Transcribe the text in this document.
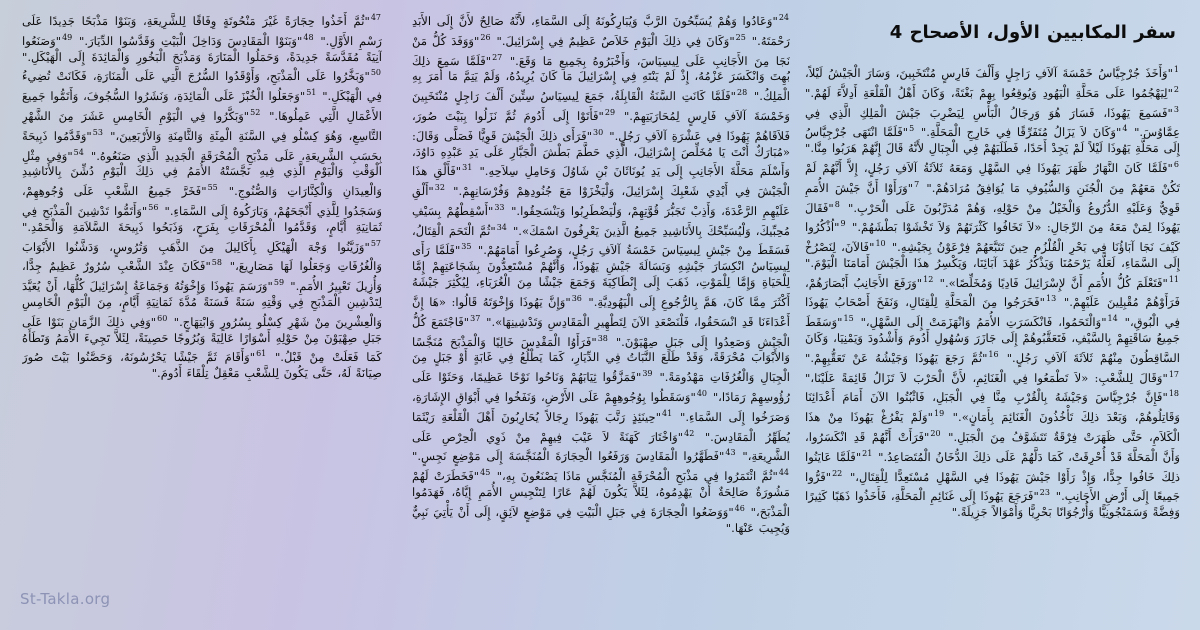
سفر المكابيين الأول، الأصحاح 4

$^1$"وَأَخَذَ جُرْجِيَّاسُ خَمْسَةَ آلاَفِ رَاجِلٍ وَأَلْفَ فَارِسٍ مُنْتَخَبِينَ، وَسَارَ الْجَيْشُ لَيْلاً، $^2$"لِيَهْجُمُوا عَلَى مَحَلَّةِ الْيَهُودِ وَيُوقِعُوا بِهِمْ بَغْتَةً، وَكَانَ أَهْلُ الْقَلْعَةِ أَدِلاَّءَ لَهُمْ." $^3$"فَسَمِعَ يَهُوذَا، فَسَارَ هُوَ وَرِجَالُ الْبَأْسِ لِيَضْرِبَ جَيْشَ الْمَلِكِ الَّذِي فِي عِمَّاوُسَ." $^4$"وَكَانَ لاَ يَزَالُ مُتَفَرِّقًا فِي خَارِجِ الْمَحَلَّةِ." $^5$"فَلَمَّا انْتَهَى جُرْجِيَّاسُ إِلَى مَحَلَّةِ يَهُوذَا لَيْلاً لَمْ يَجِدْ أَحَدًا، فَطَلَبَهُمْ فِي الْجِبَالِ لأَنَّهُ قَالَ إِنَّهُمْ هَرَبُوا مِنَّا." $^6$"فَلَمَّا كَانَ النَّهَارُ ظَهَرَ يَهُوذَا فِي السَّهْلِ وَمَعَهُ ثَلاَثَةُ آلاَفِ رَجُلٍ، إِلاَّ أَنَّهُمْ لَمْ تَكُنْ مَعَهُمْ مِنَ الْجُنَنِ وَالسُّيُوفِ مَا يُوَافِقُ مُرَادَهُمْ." $^7$"وَرَأَوْا أَنَّ جَيْشَ الأُمَمِ قَوِيٌّ وَعَلَيْهِ الدُّرُوعُ وَالْخَيْلُ مِنْ حَوْلِهِ، وَهُمْ مُدَرَّبُونَ عَلَى الْحَرْبِ." $^8$"فَقَالَ يَهُوذَا لِمَنْ مَعَهُ مِنَ الرِّجَالِ: «لاَ تَخَافُوا كَثْرَتَهُمْ وَلاَ تَخْشَوْا بَطْشَهُمْ." $^9$"اُذْكُرُوا كَيْفَ نَجَا آبَاؤُنَا فِي بَحْرِ الْقُلْزُمِ حِينَ تَتَبَّعَهُمْ فِرْعَوْنُ بِجَيْشِهِ." $^{10}$"فَالآنَ، لِنَصْرُخْ إِلَى السَّمَاءِ، لَعَلَّهُ يَرْحَمُنَا وَيَذْكُرُ عَهْدَ آبَائِنَا، وَيَكْسِرُ هذَا الْجَيْشَ أَمَامَنَا الْيَوْمَ." $^{11}$"فَتَعْلَمَ كُلُّ الأُمَمِ أَنَّ لإِسْرَائِيلَ فَادِيًا وَمُخَلِّصًا»." $^{12}$"وَرَفَعَ الأَجَانِبُ أَبْصَارَهُمْ، فَرَأَوْهُمْ مُقْبِلِينَ عَلَيْهِمْ." $^{13}$"فَخَرَجُوا مِنَ الْمَحَلَّةِ لِلْقِتَالِ، وَنَفَخَ أَصْحَابُ يَهُوذَا فِي الْبُوقِ،" $^{14}$"وَالْتَحَمُوا، فَانْكَسَرَتِ الأُمَمُ وَانْهَزَمَتْ إِلَى السَّهْلِ،" $^{15}$"وَسَقَطَ جَمِيعُ سَاقَتِهِمْ بِالسَّيْفِ، فَتَعَقَّبُوهُمْ إِلَى جَازَرَ وَسُهُولِ أَدُومَ وَأَشْدُودَ وَيَمْنِيَا، وَكَانَ السَّاقِطُونَ مِنْهُمْ ثَلاَثَةَ آلاَفِ رَجُلٍ." $^{16}$"ثُمَّ رَجَعَ يَهُوذَا وَجَيْشُهُ عَنْ تَعَقُّبِهِمْ." $^{17}$"وَقَالَ لِلشَّعْبِ: «لاَ تَطْمَعُوا فِي الْغَنَائِمِ، لأَنَّ الْحَرْبَ لاَ تَزَالُ قَائِمَةً عَلَيْنَا،" $^{18}$"فَإِنَّ جُرْجِيَّاسَ وَجَيْشَهُ بِالْقُرْبِ مِنَّا فِي الْجَبَلِ، فَاثْبُتُوا الآنَ أَمَامَ أَعْدَائِنَا وَقَاتِلُوهُمْ، وَبَعْدَ ذلِكَ تَأْخُذُونَ الْغَنَائِمَ بِأَمَانٍ»." $^{19}$"وَلَمْ يَفْرُغْ يَهُوذَا مِنْ هذَا الْكَلاَمِ، حَتَّى ظَهَرَتْ فِرْقَةٌ تَتَشَوَّفُ مِنَ الْجَبَلِ." $^{20}$"فَرَأَتْ أَنَّهُمْ قَدِ انْكَسَرُوا، وَأَنَّ الْمَحَلَّةَ قَدْ أُحْرِقَتْ، كَمَا دَلَّهُمْ عَلَى ذلِكَ الدُّخَانُ الْمُتَصَاعِدُ." $^{21}$"فَلَمَّا عَايَنُوا ذلِكَ خَافُوا جِدًّا، وَإِذْ رَأَوْا جَيْشَ يَهُوذَا فِي السَّهْلِ مُسْتَعِدًّا لِلْقِتَالِ،" $^{22}$"فَرُّوا جَمِيعًا إِلَى أَرْضِ الأَجَانِبِ." $^{23}$"فَرَجَعَ يَهُوذَا إِلَى غَنَائِمِ الْمَحَلَّةِ، فَأَخَذُوا ذَهَبًا كَثِيرًا وَفِضَّةً وَسَمَنْجُونِيًّا وَأُرْجُوَانًا بَحْرِيًّا وَأَمْوَالاً جَزِيلَةً."

$^{24}$"وَعَادُوا وَهُمْ يُسَبِّحُونَ الرَّبَّ وَيُبَارِكُونَهُ إِلَى السَّمَاءِ، لأَنَّهُ صَالِحٌ لأَنَّ إِلَى الأَبَدِ رَحْمَتَهُ." $^{25}$"وَكَانَ فِي ذلِكَ الْيَوْمِ خَلاَصٌ عَظِيمٌ فِي إِسْرَائِيلَ." $^{26}$"وَوَفَدَ كُلُّ مَنْ نَجَا مِنَ الأَجَانِبِ عَلَى لِيسِيَاسَ، وَأَخْبَرُوهُ بِجَمِيعِ مَا وَقَعَ." $^{27}$"فَلَمَّا سَمِعَ ذلِكَ بُهِتَ وَانْكَسَرَ عَزْمُهُ، إِذْ لَمْ يَنْتَهِ فِي إِسْرَائِيلَ مَا كَانَ يُرِيدُهُ، وَلَمْ يَتِمَّ مَا أَمَرَ بِهِ الْمَلِكُ." $^{28}$"فَلَمَّا كَانَتِ السَّنَةُ الْقَابِلَةُ، جَمَعَ لِيسِيَاسُ سِتِّينَ أَلْفَ رَاجِلٍ مُنْتَخَبِينَ وَخَمْسَةَ آلاَفِ فَارِسٍ لِمُحَارَبَتِهِمْ." $^{29}$"فَأَتَوْا إِلَى أَدُومَ ثُمَّ نَزَلُوا بِبَيْتَ صُورَ، فَلاَقَاهُمْ يَهُوذَا فِي عَشْرَةِ آلاَفِ رَجُلٍ." $^{30}$"فَرَأَى ذلِكَ الْجَيْشَ قَوِيًّا فَصَلَّى وَقَالَ: «مُبَارَكٌ أَنْتَ يَا مُخَلِّصَ إِسْرَائِيلَ، الَّذِي حَطَّمَ بَطْشَ الْجَبَّارِ عَلَى يَدِ عَبْدِهِ دَاوُدَ، وَأَسْلَمَ مَحَلَّةَ الأَجَانِبِ إِلَى يَدِ يُونَاثَانَ بْنِ شَاوُلَ وَحَامِلِ سِلاَحِهِ." $^{31}$"فَأَلْقِ هذَا الْجَيْشَ فِي أَيْدِي شَعْبِكَ إِسْرَائِيلَ، وَلْيَخْزَوْا مَعَ جُنُودِهِمْ وَفُرْسَانِهِمْ." $^{32}$"أَلْقِ عَلَيْهِمِ الرَّعْدَةَ، وَأَذِبْ تَجَبُّرَ قُوَّتِهِمْ، وَلْيَضْطَرِبُوا وَيَنْسَحِقُوا." $^{33}$"أَسْقِطْهُمْ بِسَيْفِ مُحِبِّيكَ، وَلْيُسَبِّحْكَ بِالأَنَاشِيدِ جَمِيعُ الَّذِينَ يَعْرِفُونَ اسْمَكَ»." $^{34}$"ثُمَّ الْتَحَمَ الْقِتَالُ، فَسَقَطَ مِنْ جَيْشِ لِيسِيَاسَ خَمْسَةُ آلاَفِ رَجُلٍ، وَصُرِعُوا أَمَامَهُمْ." $^{35}$"فَلَمَّا رَأَى لِيسِيَاسُ انْكِسَارَ جَيْشِهِ وَبَسَالَةَ جَيْشِ يَهُوذَا، وَأَنَّهُمْ مُسْتَعِدُّونَ بِشَجَاعَتِهِمْ إِمَّا لِلْحَيَاةِ وَإِمَّا لِلْمَوْتِ، ذَهَبَ إِلَى إِنْطَاكِيَةَ وَجَمَعَ جَيْشًا مِنَ الْغُرَبَاءِ، لِيُكْثِرَ جَيْشَهُ أَكْثَرَ مِمَّا كَانَ، هَمَّ بِالرُّجُوعِ إِلَى الْيَهُودِيَّةِ." $^{36}$"وَإِنَّ يَهُوذَا وَإِخْوَتَهُ قَالُوا: «هَا إِنَّ أَعْدَاءَنَا قَدِ انْسَحَقُوا، فَلْنَصْعَدِ الآنَ لِتَطْهِيرِ الْمَقَادِسِ وَتَدْشِينِهَا»." $^{37}$"فَاجْتَمَعَ كُلُّ الْجَيْشِ وَصَعِدُوا إِلَى جَبَلِ صِهْيَوْنَ." $^{38}$"فَرَأَوُا الْمَقْدِسَ خَالِيًا وَالْمَذْبَحَ مُنَجَّسًا وَالأَبْوَابَ مُحْرَقَةً، وَقَدْ طَلَعَ النَّبَاتُ فِي الدِّيَارِ، كَمَا يَطْلُعُ فِي غَابَةٍ أَوْ جَبَلٍ مِنَ الْجِبَالِ وَالْغُرُفَاتِ مَهْدُومَةً." $^{39}$"فَمَزَّقُوا ثِيَابَهُمْ وَنَاحُوا نَوْحًا عَظِيمًا، وَحَثَوْا عَلَى رُؤُوسِهِمْ رَمَادًا،" $^{40}$"وَسَقَطُوا بِوُجُوهِهِمْ عَلَى الأَرْضِ، وَنَفَخُوا فِي أَبْوَاقِ الإِشَارَةِ، وَصَرَخُوا إِلَى السَّمَاءِ." $^{41}$"حِينَئِذٍ رَتَّبَ يَهُوذَا رِجَالاً يُحَارِبُونَ أَهْلَ الْقَلْعَةِ رَيْثَمَا يُطَهِّرُ الْمَقَادِسَ." $^{42}$"وَاخْتَارَ كَهَنَةً لاَ عَيْبَ فِيهِمْ مِنْ ذَوِي الْحِرْصِ عَلَى الشَّرِيعَةِ،" $^{43}$"فَطَهَّرُوا الْمَقَادِسَ وَرَفَعُوا الْحِجَارَةَ الْمُنَجَّسَةَ إِلَى مَوْضِعٍ نَجِسٍ." $^{44}$"ثُمَّ ائْتَمَرُوا فِي مَذْبَحِ الْمُحْرَقَةِ الْمُنَجَّسِ مَاذَا يَصْنَعُونَ بِهِ،" $^{45}$"فَخَطَرَتْ لَهُمْ مَشُورَةٌ صَالِحَةٌ أَنْ يَهْدِمُوهُ، لِئَلاَّ يَكُونَ لَهُمْ عَارًا لِتَنْجِيسِ الأُمَمِ إِيَّاهُ، فَهَدَمُوا الْمَذْبَحَ،" $^{46}$"وَوَضَعُوا الْحِجَارَةَ فِي جَبَلِ الْبَيْتِ فِي مَوْضِعٍ لاَئِقٍ، إِلَى أَنْ يَأْتِيَ نَبِيٌّ وَيُجِيبَ عَنْهَا."

$^{47}$"ثُمَّ أَخَذُوا حِجَارَةً غَيْرَ مَنْحُوتَةٍ وِفَاقًا لِلشَّرِيعَةِ، وَبَنَوْا مَذْبَحًا جَدِيدًا عَلَى رَسْمِ الأَوَّلِ." $^{48}$"وَبَنَوْا الْمَقَادِسَ وَدَاخِلَ الْبَيْتِ وَقَدَّسُوا الدِّيَارَ." $^{49}$"وَصَنَعُوا آنِيَةً مُقَدَّسَةً جَدِيدَةً، وَحَمَلُوا الْمَنَارَةَ وَمَذْبَحَ الْبَخُورِ وَالْمَائِدَةَ إِلَى الْهَيْكَلِ." $^{50}$"وَبَخَّرُوا عَلَى الْمَذْبَحِ، وَأَوْقَدُوا السُّرُجَ الَّتِي عَلَى الْمَنَارَةِ، فَكَانَتْ تُضِيءُ فِي الْهَيْكَلِ." $^{51}$"وَجَعَلُوا الْخُبْزَ عَلَى الْمَائِدَةِ، وَنَشَرُوا السُّجُوفَ، وَأَتَمُّوا جَمِيعَ الأَعْمَالِ الَّتِي عَمِلُوهَا." $^{52}$"وَبَكَّرُوا فِي الْيَوْمِ الْخَامِسِ عَشَرَ مِنَ الشَّهْرِ التَّاسِعِ، وَهُوَ كِسْلُو فِي السَّنَةِ الْمِئَةِ وَالثَّامِنَةِ وَالأَرْبَعِينَ،" $^{53}$"وَقَدَّمُوا ذَبِيحَةً بِحَسَبِ الشَّرِيعَةِ، عَلَى مَذْبَحِ الْمُحْرَقَةِ الْجَدِيدِ الَّذِي صَنَعُوهُ." $^{54}$"وَفِي مِثْلِ الْوَقْتِ وَالْيَوْمِ الَّذِي فِيهِ نَجَّسَتْهُ الأُمَمُ فِي ذلِكَ الْيَوْمِ دُشِّنَ بِالأَنَاشِيدِ وَالْعِيدَانِ وَالْكِنَّارَاتِ وَالصُّنُوجِ." $^{55}$"فَخَرَّ جَمِيعُ الشَّعْبِ عَلَى وُجُوهِهِمْ، وَسَجَدُوا لِلَّذِي أَنْجَحَهُمْ، وَبَارَكُوهُ إِلَى السَّمَاءِ." $^{56}$"وَأَتَمُّوا تَدْشِينَ الْمَذْبَحِ فِي ثَمَانِيَةِ أَيَّامٍ، وَقَدَّمُوا الْمُحْرَقَاتِ بِفَرَحٍ، وَذَبَحُوا ذَبِيحَةَ السَّلاَمَةِ وَالْحَمْدِ." $^{57}$"وَزَيَّنُوا وَجْهَ الْهَيْكَلِ بِأَكَالِيلَ مِنَ الذَّهَبِ وَتُرُوسٍ، وَدَشَّنُوا الأَبْوَابَ وَالْغُرُفَاتِ وَجَعَلُوا لَهَا مَصَارِيعَ،" $^{58}$"فَكَانَ عِنْدَ الشَّعْبِ سُرُورٌ عَظِيمٌ جِدًّا، وَأُزِيلَ تَعْيِيرُ الأُمَمِ." $^{59}$"وَرَسَمَ يَهُوذَا وَإِخْوَتُهُ وَجَمَاعَةُ إِسْرَائِيلَ كُلُّهَا، أَنْ يُعَيَّدَ لِتَدْشِينِ الْمَذْبَحِ فِي وَقْتِهِ سَنَةً فَسَنَةً مُدَّةَ ثَمَانِيَةِ أَيَّامٍ، مِنَ الْيَوْمِ الْخَامِسِ وَالْعِشْرِينَ مِنْ شَهْرِ كِسْلُو بِسُرُورٍ وَابْتِهَاجٍ." $^{60}$"وَفِي ذلِكَ الزَّمَانِ بَنَوْا عَلَى جَبَلِ صِهْيَوْنَ مِنْ حَوْلِهِ أَسْوَارًا عَالِيَةً وَبُرُوجًا حَصِينَةً، لِئَلاَّ تَجِيءَ الأُمَمُ وَتَطَأَهُ كَمَا فَعَلَتْ مِنْ قَبْلُ." $^{61}$"وَأَقَامَ ثَمَّ جَيْشًا يَحْرُسُونَهُ، وَحَصَّنُوا بَيْتَ صُورَ صِيَانَةً لَهُ، حَتَّى يَكُونَ لِلشَّعْبِ مَعْقِلٌ تِلْقَاءَ أَدُومَ."

St-Takla.org
